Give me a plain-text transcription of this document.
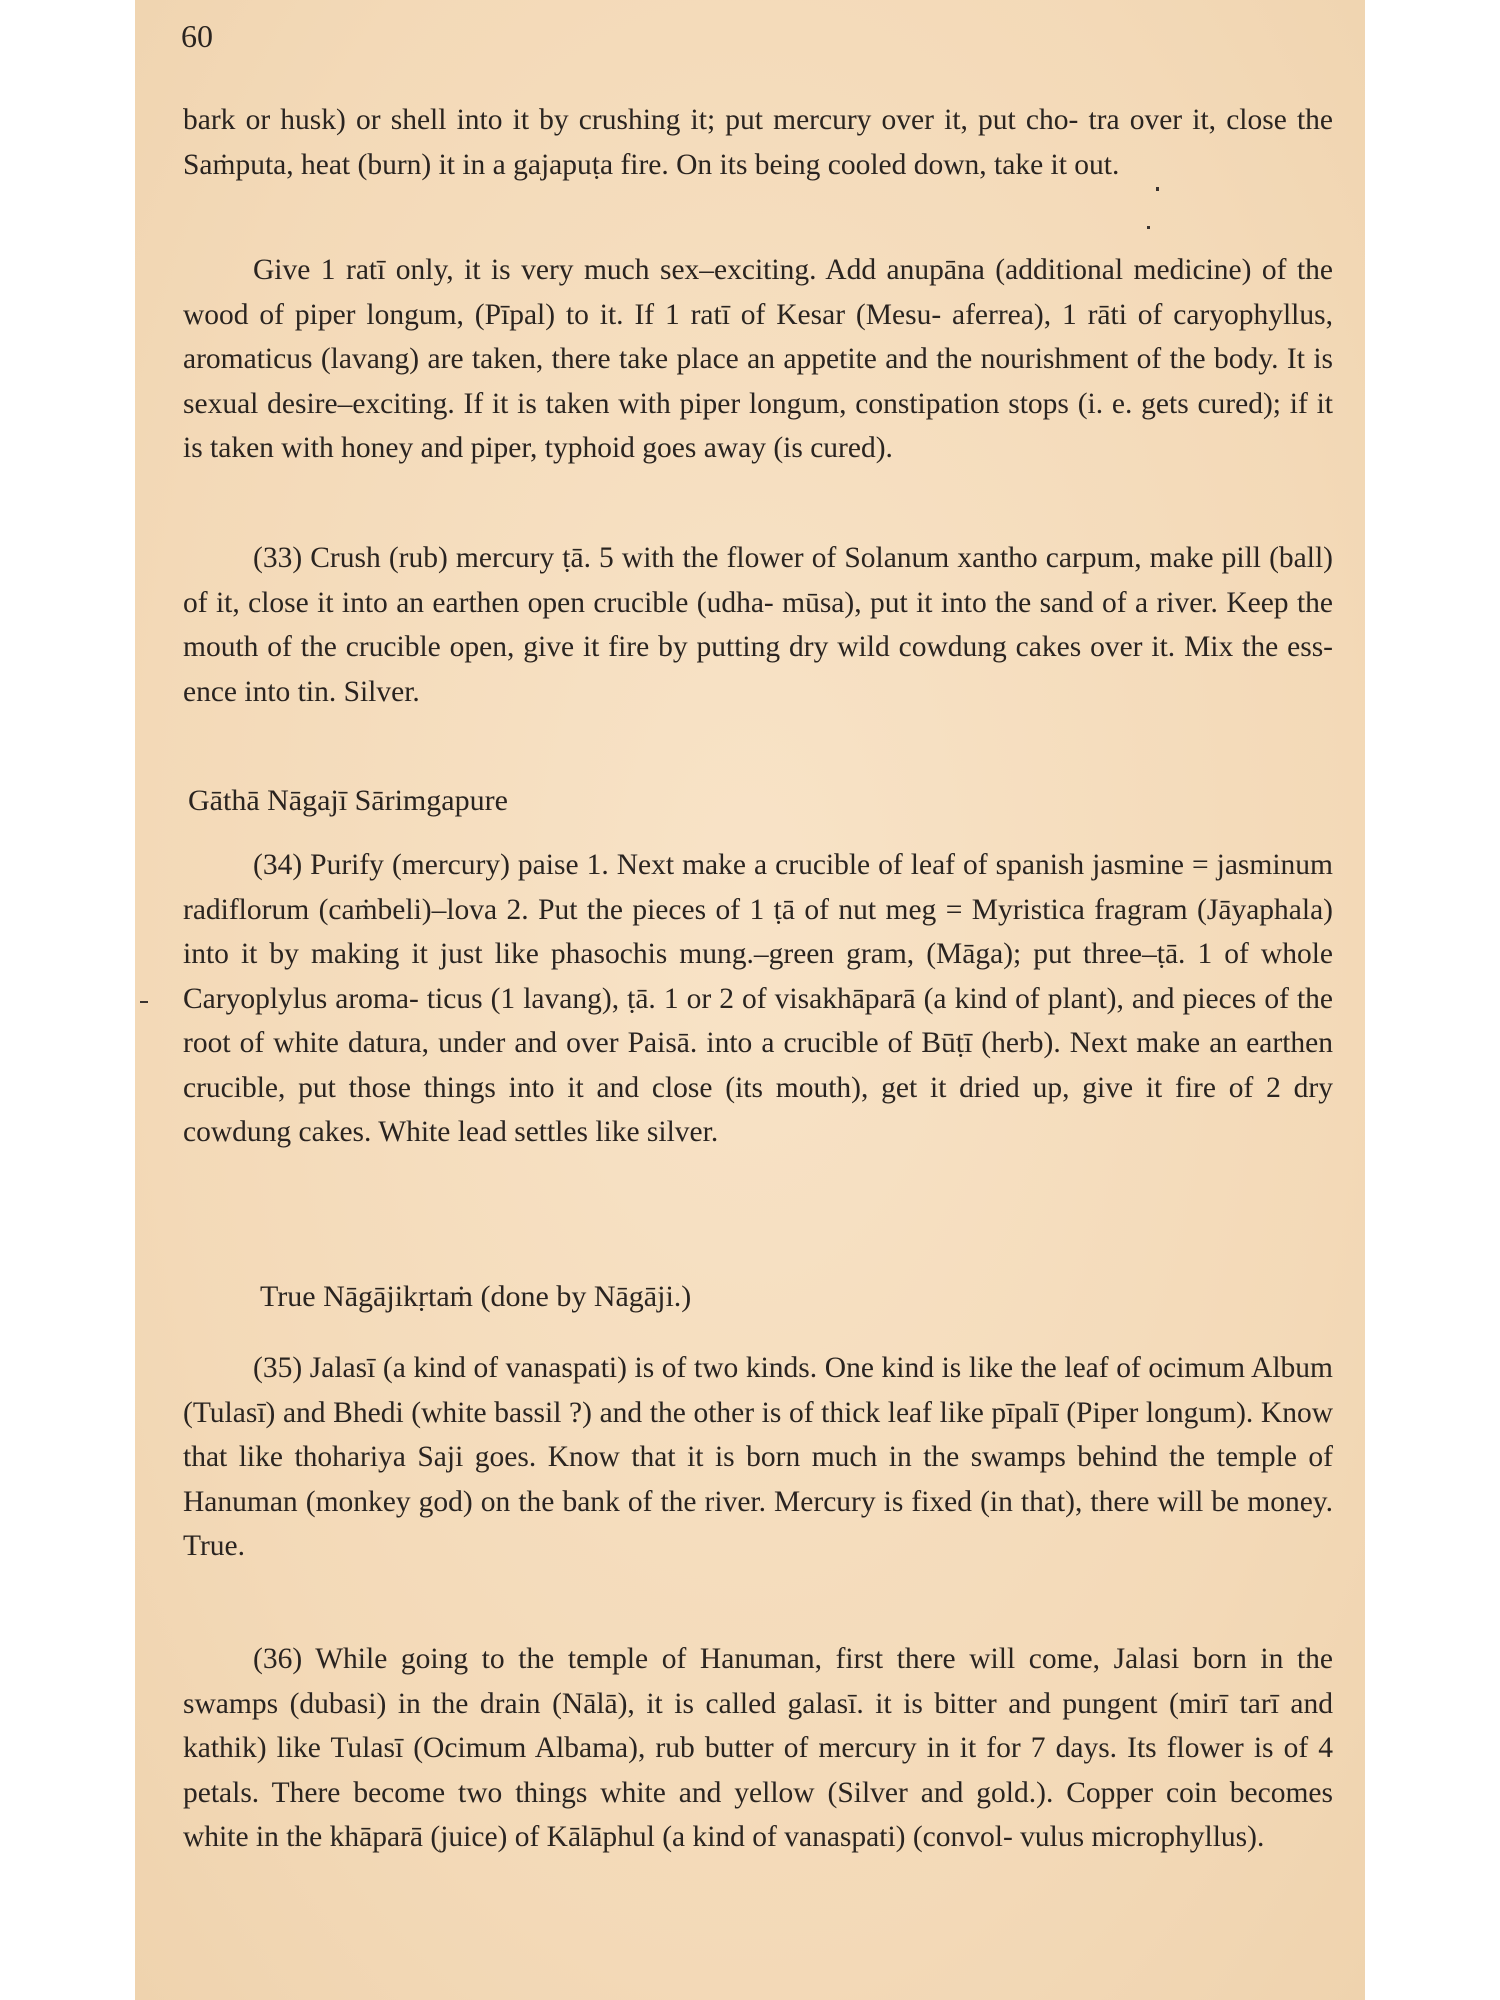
60

bark or husk) or shell into it by crushing it; put mercury over it, put cho- tra over it, close the Saṁputa, heat (burn) it in a gajapuṭa fire. On its being cooled down, take it out.

Give 1 ratī only, it is very much sex–exciting. Add anupāna (additional medicine) of the wood of piper longum, (Pīpal) to it. If 1 ratī of Kesar (Mesu- aferrea), 1 rāti of caryophyllus, aromaticus (lavang) are taken, there take place an appetite and the nourishment of the body. It is sexual desire–exciting. If it is taken with piper longum, constipation stops (i. e. gets cured); if it is taken with honey and piper, typhoid goes away (is cured).

(33) Crush (rub) mercury ṭā. 5 with the flower of Solanum xantho carpum, make pill (ball) of it, close it into an earthen open crucible (udha- mūsa), put it into the sand of a river. Keep the mouth of the crucible open, give it fire by putting dry wild cowdung cakes over it. Mix the ess- ence into tin. Silver.

Gāthā Nāgajī Sārimgapure

(34) Purify (mercury) paise 1. Next make a crucible of leaf of spanish jasmine = jasminum radiflorum (caṁbeli)–lova 2. Put the pieces of 1 ṭā of nut meg = Myristica fragram (Jāyaphala) into it by making it just like phasochis mung.–green gram, (Māga); put three–ṭā. 1 of whole Caryoplylus aroma- ticus (1 lavang), ṭā. 1 or 2 of visakhāparā (a kind of plant), and pieces of the root of white datura, under and over Paisā. into a crucible of Būṭī (herb). Next make an earthen crucible, put those things into it and close (its mouth), get it dried up, give it fire of 2 dry cowdung cakes. White lead settles like silver.

True Nāgājikṛtaṁ (done by Nāgāji.)

(35) Jalasī (a kind of vanaspati) is of two kinds. One kind is like the leaf of ocimum Album (Tulasī) and Bhedi (white bassil ?) and the other is of thick leaf like pīpalī (Piper longum). Know that like thohariya Saji goes. Know that it is born much in the swamps behind the temple of Hanuman (monkey god) on the bank of the river. Mercury is fixed (in that), there will be money. True.

(36) While going to the temple of Hanuman, first there will come, Jalasi born in the swamps (dubasi) in the drain (Nālā), it is called galasī. it is bitter and pungent (mirī tarī and kathik) like Tulasī (Ocimum Albama), rub butter of mercury in it for 7 days. Its flower is of 4 petals. There become two things white and yellow (Silver and gold.). Copper coin becomes white in the khāparā (juice) of Kālāphul (a kind of vanaspati) (convol- vulus microphyllus).
